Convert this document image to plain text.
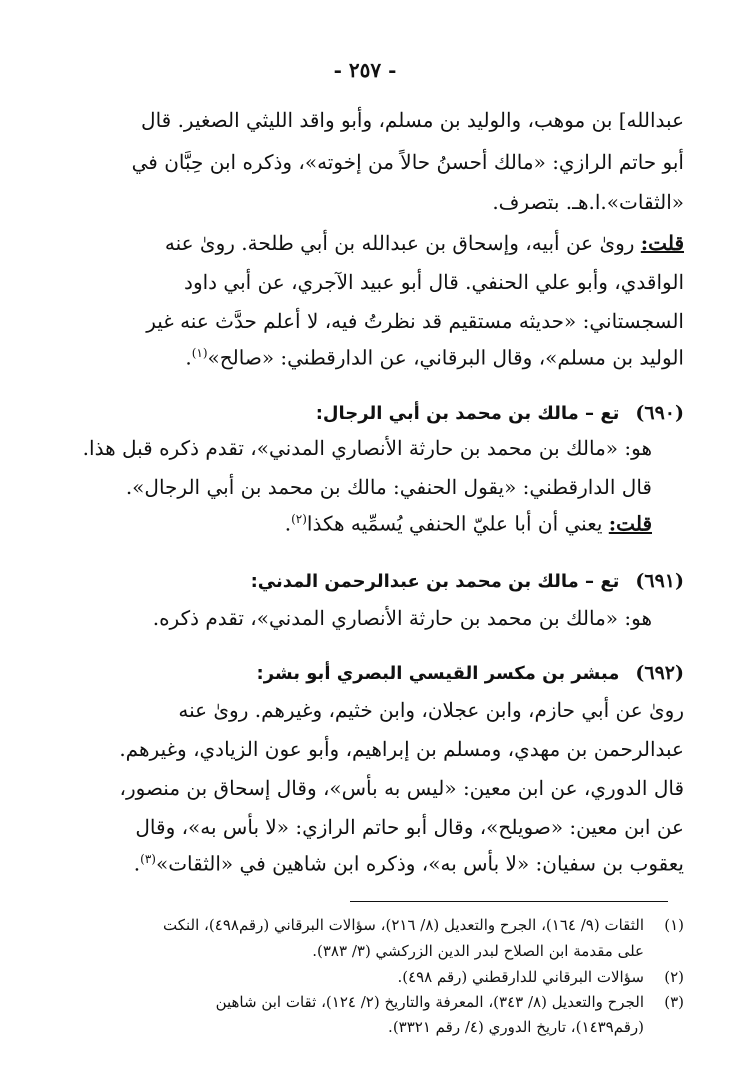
- ٢٥٧ -
عبدالله] بن موهب، والوليد بن مسلم، وأبو واقد الليثي الصغير. قال
أبو حاتم الرازي: «مالك أحسنُ حالاً من إخوته»، وذكره ابن حِبَّان في
«الثقات».ا.هـ. بتصرف.
قلت: روىٰ عن أبيه، وإسحاق بن عبدالله بن أبي طلحة. روىٰ عنه
الواقدي، وأبو علي الحنفي. قال أبو عبيد الآجري، عن أبي داود
السجستاني: «حديثه مستقيم قد نظرتُ فيه، لا أعلم حدَّث عنه غير
الوليد بن مسلم»، وقال البرقاني، عن الدارقطني: «صالح»$^{(١)}$.
(٦٩٠)تع – مالك بن محمد بن أبي الرجال:
هو: «مالك بن محمد بن حارثة الأنصاري المدني»، تقدم ذكره قبل هذا.
قال الدارقطني: «يقول الحنفي: مالك بن محمد بن أبي الرجال».
قلت: يعني أن أبا عليّ الحنفي يُسمِّيه هكذا$^{(٢)}$.
(٦٩١)تع – مالك بن محمد بن عبدالرحمن المدني:
هو: «مالك بن محمد بن حارثة الأنصاري المدني»، تقدم ذكره.
(٦٩٢)مبشر بن مكسر القيسي البصري أبو بشر:
روىٰ عن أبي حازم، وابن عجلان، وابن خثيم، وغيرهم. روىٰ عنه
عبدالرحمن بن مهدي، ومسلم بن إبراهيم، وأبو عون الزيادي، وغيرهم.
قال الدوري، عن ابن معين: «ليس به بأس»، وقال إسحاق بن منصور،
عن ابن معين: «صويلح»، وقال أبو حاتم الرازي: «لا بأس به»، وقال
يعقوب بن سفيان: «لا بأس به»، وذكره ابن شاهين في «الثقات»$^{(٣)}$.
(١)الثقات (٩/ ١٦٤)، الجرح والتعديل (٨/ ٢١٦)، سؤالات البرقاني (رقم٤٩٨)، النكت
على مقدمة ابن الصلاح لبدر الدين الزركشي (٣/ ٣٨٣).
(٢)سؤالات البرقاني للدارقطني (رقم ٤٩٨).
(٣)الجرح والتعديل (٨/ ٣٤٣)، المعرفة والتاريخ (٢/ ١٢٤)، ثقات ابن شاهين
(رقم١٤٣٩)، تاريخ الدوري (٤/ رقم ٣٣٢١).
